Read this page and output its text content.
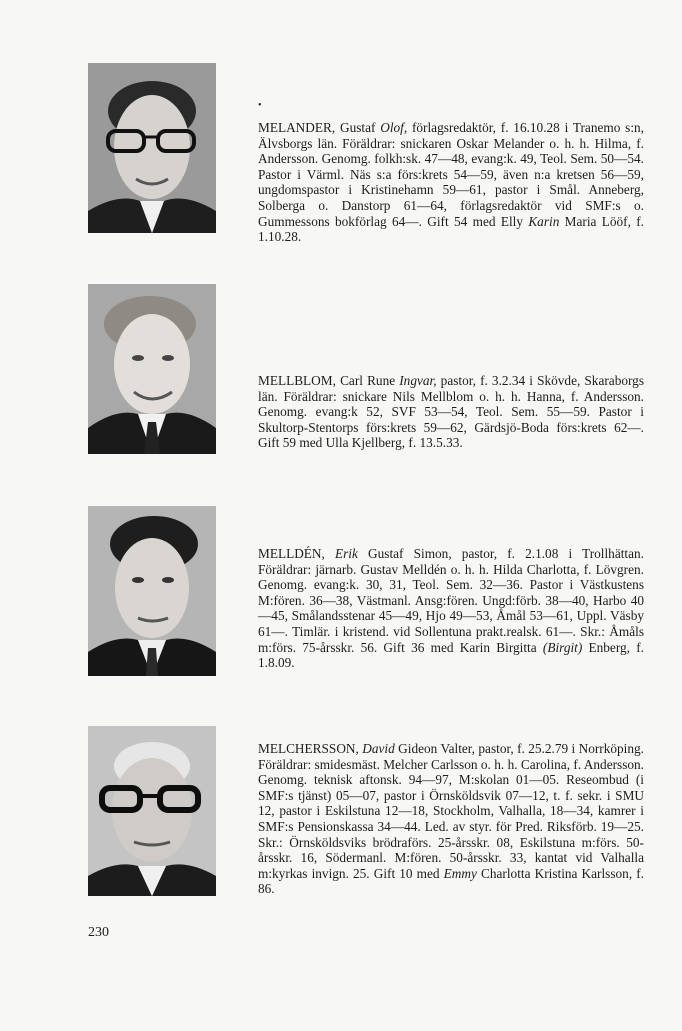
•

MELANDER, Gustaf Olof, förlagsredaktör, f. 16.10.28 i Tranemo s:n, Älvsborgs län. Föräldrar: snickaren Oskar Melander o. h. h. Hilma, f. Andersson. Genomg. folkh:sk. 47—48, evang:k. 49, Teol. Sem. 50—54. Pastor i Värml. Näs s:a förs:krets 54—59, även n:a kretsen 56—59, ungdomspastor i Kristinehamn 59—61, pastor i Smål. Anneberg, Solberga o. Danstorp 61—64, förlagsredaktör vid SMF:s o. Gummessons bokförlag 64—. Gift 54 med Elly Karin Maria Lööf, f. 1.10.28.

MELLBLOM, Carl Rune Ingvar, pastor, f. 3.2.34 i Skövde, Skaraborgs län. Föräldrar: snickare Nils Mellblom o. h. h. Hanna, f. Andersson. Genomg. evang:k 52, SVF 53—54, Teol. Sem. 55—59. Pastor i Skultorp-Stentorps förs:krets 59—62, Gärdsjö-Boda förs:krets 62—. Gift 59 med Ulla Kjellberg, f. 13.5.33.

MELLDÉN, Erik Gustaf Simon, pastor, f. 2.1.08 i Trollhättan. Föräldrar: järnarb. Gustav Melldén o. h. h. Hilda Charlotta, f. Lövgren. Genomg. evang:k. 30, 31, Teol. Sem. 32—36. Pastor i Västkustens M:fören. 36—38, Västmanl. Ansg:fören. Ungd:förb. 38—40, Harbo 40—45, Smålandsstenar 45—49, Hjo 49—53, Åmål 53—61, Uppl. Väsby 61—. Timlär. i kristend. vid Sollentuna prakt.realsk. 61—. Skr.: Åmåls m:förs. 75-årsskr. 56. Gift 36 med Karin Birgitta (Birgit) Enberg, f. 1.8.09.

MELCHERSSON, David Gideon Valter, pastor, f. 25.2.79 i Norrköping. Föräldrar: smidesmäst. Melcher Carlsson o. h. h. Carolina, f. Andersson. Genomg. teknisk aftonsk. 94—97, M:skolan 01—05. Reseombud (i SMF:s tjänst) 05—07, pastor i Örnsköldsvik 07—12, t. f. sekr. i SMU 12, pastor i Eskilstuna 12—18, Stockholm, Valhalla, 18—34, kamrer i SMF:s Pensionskassa 34—44. Led. av styr. för Pred. Riksförb. 19—25. Skr.: Örnsköldsviks brödraförs. 25-årsskr. 08, Eskilstuna m:förs. 50-årsskr. 16, Södermanl. M:fören. 50-årsskr. 33, kantat vid Valhalla m:kyrkas invign. 25. Gift 10 med Emmy Charlotta Kristina Karlsson, f. 86.

230
